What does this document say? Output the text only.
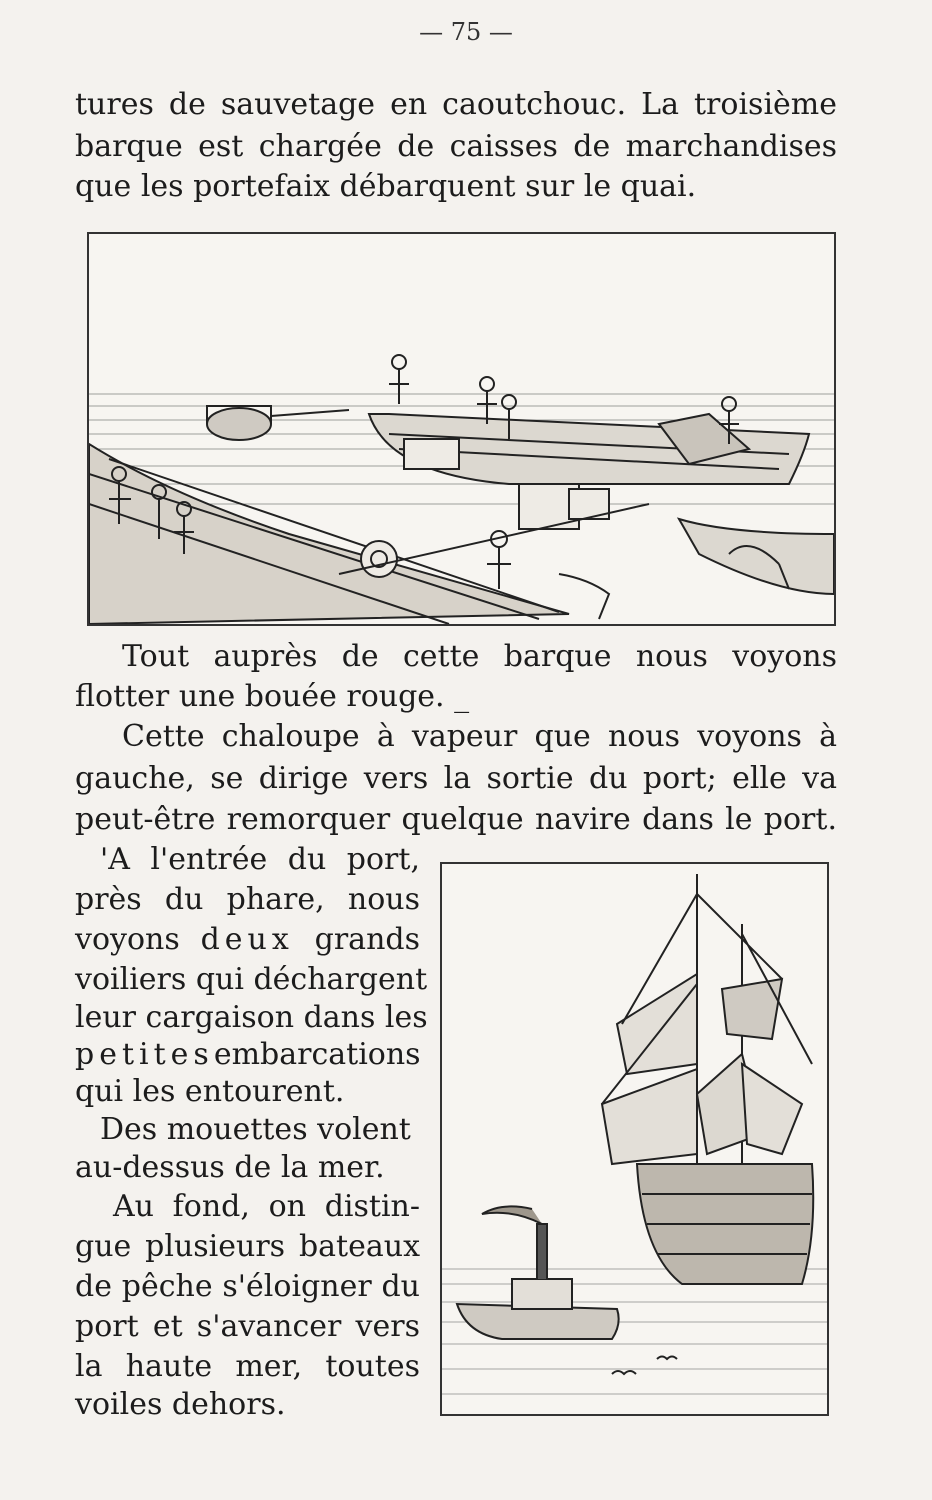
— 75 —
tures de sauvetage en caoutchouc. La troisième
barque est chargée de caisses de marchandises
que les portefaix débarquent sur le quai.
Tout auprès de cette barque nous voyons
flotter une bouée rouge. _
Cette chaloupe à vapeur que nous voyons à
gauche, se dirige vers la sortie du port; elle va
peut-être remorquer quelque navire dans le port.
'A l'entrée du port,
près du phare, nous
voyons deux grands
voiliers qui déchargent
leur cargaison dans les
petites embarcations
qui les entourent.
Des mouettes volent
au-dessus de la mer.
Au fond, on distin-
gue plusieurs bateaux
de pêche s'éloigner du
port et s'avancer vers
la haute mer, toutes
voiles dehors.
